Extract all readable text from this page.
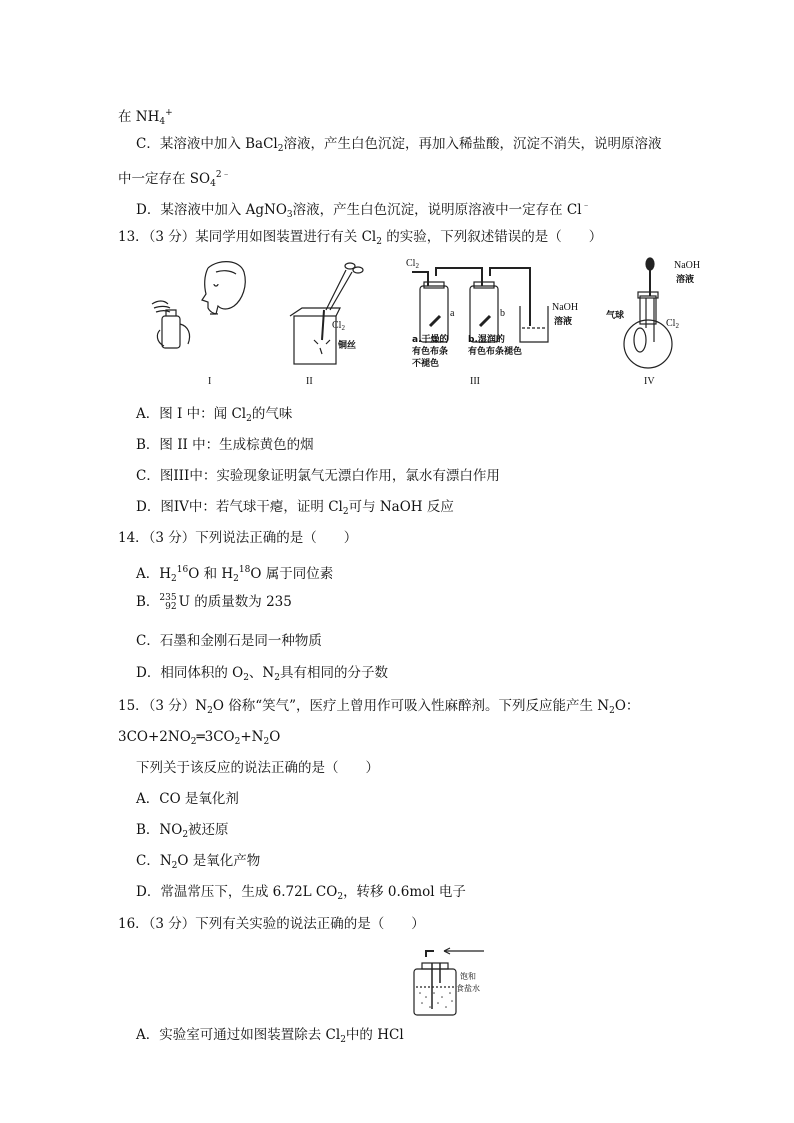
在 $NH_4^+$
C．某溶液中加入 BaCl$_2$溶液，产生白色沉淀，再加入稀盐酸，沉淀不消失，说明原溶液
中一定存在 $SO_4^{2﹣}$
D．某溶液中加入 AgNO$_3$溶液，产生白色沉淀，说明原溶液中一定存在 Cl﹣
13．（3 分）某同学用如图装置进行有关 $Cl_2$ 的实验，下列叙述错误的是（　　）
I
$Cl_2$
铜丝
II
$Cl_2$
a	b
NaOH
溶液
a.干燥的
有色布条
不褪色
b.湿润的
有色布条褪色
III
NaOH
溶液
气球
$Cl_2$
IV
A．图 I 中：闻 $Cl_2$的气味
B．图 II 中：生成棕黄色的烟
C．图III中：实验现象证明氯气无漂白作用，氯水有漂白作用
D．图IV中：若气球干瘪，证明 $Cl_2$可与 NaOH 反应
14．（3 分）下列说法正确的是（　　）
A．$H_2^{16}O$ 和 $H_2^{18}O$ 属于同位素
B．235
92 U 的质量数为 235
C．石墨和金刚石是同一种物质
D．相同体积的 $O_2$、$N_2$具有相同的分子数
15．（3 分）$N_2O$ 俗称“笑气”，医疗上曾用作可吸入性麻醉剂。下列反应能产生 $N_2O$：
$3CO+2NO_2═3CO_2+N_2O$
下列关于该反应的说法正确的是（　　）
A．CO 是氧化剂
B．$NO_2$被还原
C．$N_2O$ 是氧化产物
D．常温常压下，生成 6.72L $CO_2$，转移 0.6mol 电子
16．（3 分）下列有关实验的说法正确的是（　　）
A．实验室可通过如图装置除去 $Cl_2$中的 HCl
饱和
食盐水
